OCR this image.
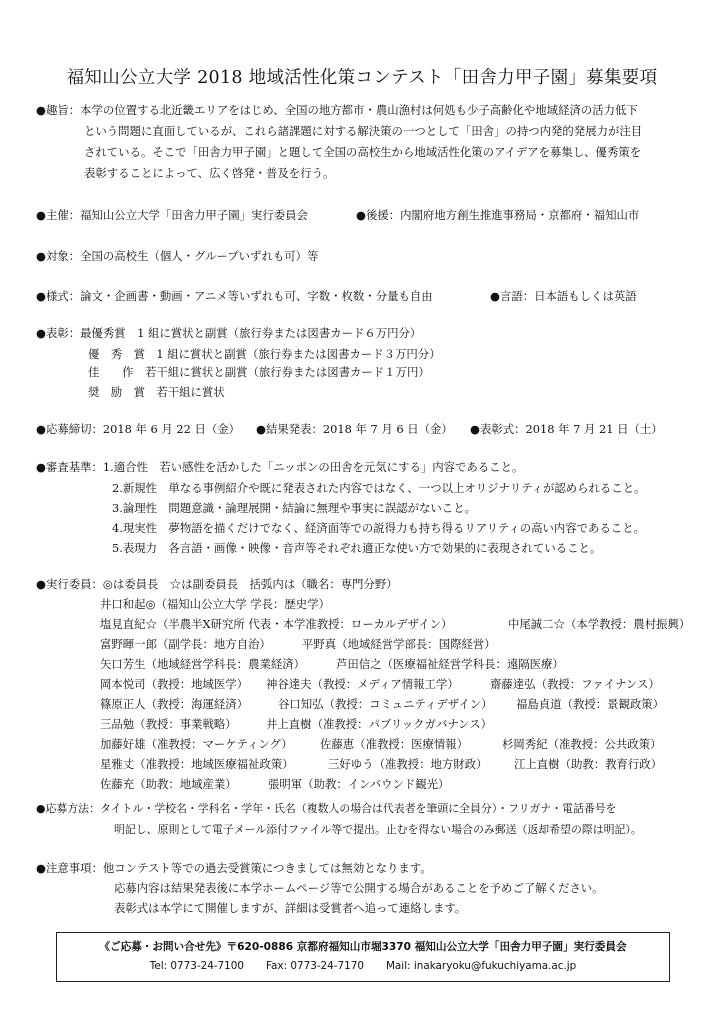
福知山公立大学 2018 地域活性化策コンテスト「田舎力甲子園」募集要項
●趣旨：本学の位置する北近畿エリアをはじめ、全国の地方都市・農山漁村は何処も少子高齢化や地域経済の活力低下
という問題に直面しているが、これら諸課題に対する解決策の一つとして「田舎」の持つ内発的発展力が注目
されている。そこで「田舎力甲子園」と題して全国の高校生から地域活性化策のアイデアを募集し、優秀策を
表彰することによって、広く啓発・普及を行う。
●主催：福知山公立大学「田舎力甲子園」実行委員会	●後援：内閣府地方創生推進事務局・京都府・福知山市
●対象：全国の高校生（個人・グループいずれも可）等
●様式：論文・企画書・動画・アニメ等いずれも可、字数・枚数・分量も自由	●言語：日本語もしくは英語
●表彰：最優秀賞　1 組に賞状と副賞（旅行券または図書カード６万円分）
優　秀　賞　1 組に賞状と副賞（旅行券または図書カード３万円分）
佳　　作　若干組に賞状と副賞（旅行券または図書カード１万円）
奨　励　賞　若干組に賞状
●応募締切：2018 年 6 月 22 日（金） ●結果発表：2018 年 7 月 6 日（金） ●表彰式：2018 年 7 月 21 日（土）
●審査基準：1.適合性　若い感性を活かした「ニッポンの田舎を元気にする」内容であること。
2.新規性　単なる事例紹介や既に発表された内容ではなく、一つ以上オリジナリティが認められること。
3.論理性　問題意識・論理展開・結論に無理や事実に誤認がないこと。
4.現実性　夢物語を描くだけでなく、経済面等での説得力も持ち得るリアリティの高い内容であること。
5.表現力　各言語・画像・映像・音声等それぞれ適正な使い方で効果的に表現されていること。
●実行委員：◎は委員長　☆は副委員長　括弧内は（職名：専門分野）
井口和起◎（福知山公立大学 学長：歴史学）
塩見直紀☆（半農半X研究所 代表・本学准教授：ローカルデザイン）	中尾誠二☆（本学教授：農村振興）
富野暉一郎（副学長：地方自治）	平野真（地域経営学部長：国際経営）
矢口芳生（地域経営学科長：農業経済）	芦田信之（医療福祉経営学科長：遠隔医療）
岡本悦司（教授：地域医学） 神谷達夫（教授：メディア情報工学）	齋藤達弘（教授：ファイナンス）
篠原正人（教授：海運経済）	谷口知弘（教授：コミュニティデザイン） 福島貞道（教授：景観政策）
三品勉（教授：事業戦略）	井上直樹（准教授：パブリックガバナンス）
加藤好雄（准教授：マーケティング） 佐藤恵（准教授：医療情報）	杉岡秀紀（准教授：公共政策）
星雅丈（准教授：地域医療福祉政策）	三好ゆう（准教授：地方財政） 江上直樹（助教：教育行政）
佐藤充（助教：地域産業）	張明軍（助教：インバウンド観光）
●応募方法：タイトル・学校名・学科名・学年・氏名（複数人の場合は代表者を筆頭に全員分）・フリガナ・電話番号を
明記し、原則として電子メール添付ファイル等で提出。止むを得ない場合のみ郵送（返却希望の際は明記）。
●注意事項：他コンテスト等での過去受賞策につきましては無効となります。
応募内容は結果発表後に本学ホームページ等で公開する場合があることを予めご了解ください。
表彰式は本学にて開催しますが、詳細は受賞者へ追って連絡します。
《ご応募・お問い合せ先》〒620-0886 京都府福知山市堀3370 福知山公立大学「田舎力甲子園」実行委員会
Tel: 0773-24-7100 Fax: 0773-24-7170 Mail: inakaryoku@fukuchiyama.ac.jp
